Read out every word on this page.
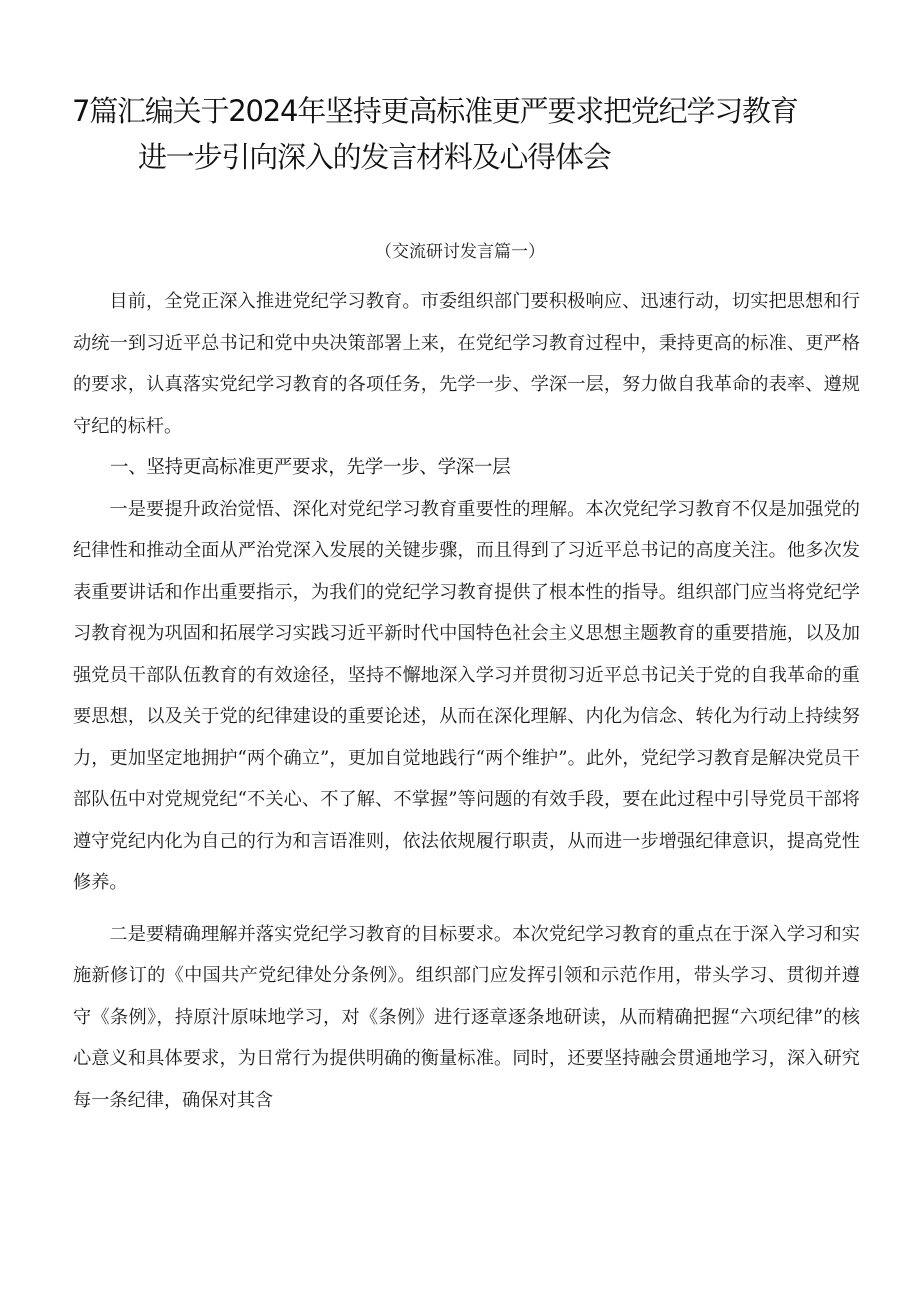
7篇汇编关于2024年坚持更高标准更严要求把党纪学习教育
进一步引向深入的发言材料及心得体会
（交流研讨发言篇一）

目前，全党正深入推进党纪学习教育。市委组织部门要积极响应、迅速行动，切实把思想和行动统一到习近平总书记和党中央决策部署上来，在党纪学习教育过程中，秉持更高的标准、更严格的要求，认真落实党纪学习教育的各项任务，先学一步、学深一层，努力做自我革命的表率、遵规守纪的标杆。

一、坚持更高标准更严要求，先学一步、学深一层

一是要提升政治觉悟、深化对党纪学习教育重要性的理解。本次党纪学习教育不仅是加强党的纪律性和推动全面从严治党深入发展的关键步骤，而且得到了习近平总书记的高度关注。他多次发表重要讲话和作出重要指示，为我们的党纪学习教育提供了根本性的指导。组织部门应当将党纪学习教育视为巩固和拓展学习实践习近平新时代中国特色社会主义思想主题教育的重要措施，以及加强党员干部队伍教育的有效途径，坚持不懈地深入学习并贯彻习近平总书记关于党的自我革命的重要思想，以及关于党的纪律建设的重要论述，从而在深化理解、内化为信念、转化为行动上持续努力，更加坚定地拥护“两个确立”，更加自觉地践行“两个维护”。此外，党纪学习教育是解决党员干部队伍中对党规党纪“不关心、不了解、不掌握”等问题的有效手段，要在此过程中引导党员干部将遵守党纪内化为自己的行为和言语准则，依法依规履行职责，从而进一步增强纪律意识，提高党性修养。

二是要精确理解并落实党纪学习教育的目标要求。本次党纪学习教育的重点在于深入学习和实施新修订的《中国共产党纪律处分条例》。组织部门应发挥引领和示范作用，带头学习、贯彻并遵守《条例》，持原汁原味地学习，对《条例》进行逐章逐条地研读，从而精确把握“六项纪律”的核心意义和具体要求，为日常行为提供明确的衡量标准。同时，还要坚持融会贯通地学习，深入研究每一条纪律，确保对其含
